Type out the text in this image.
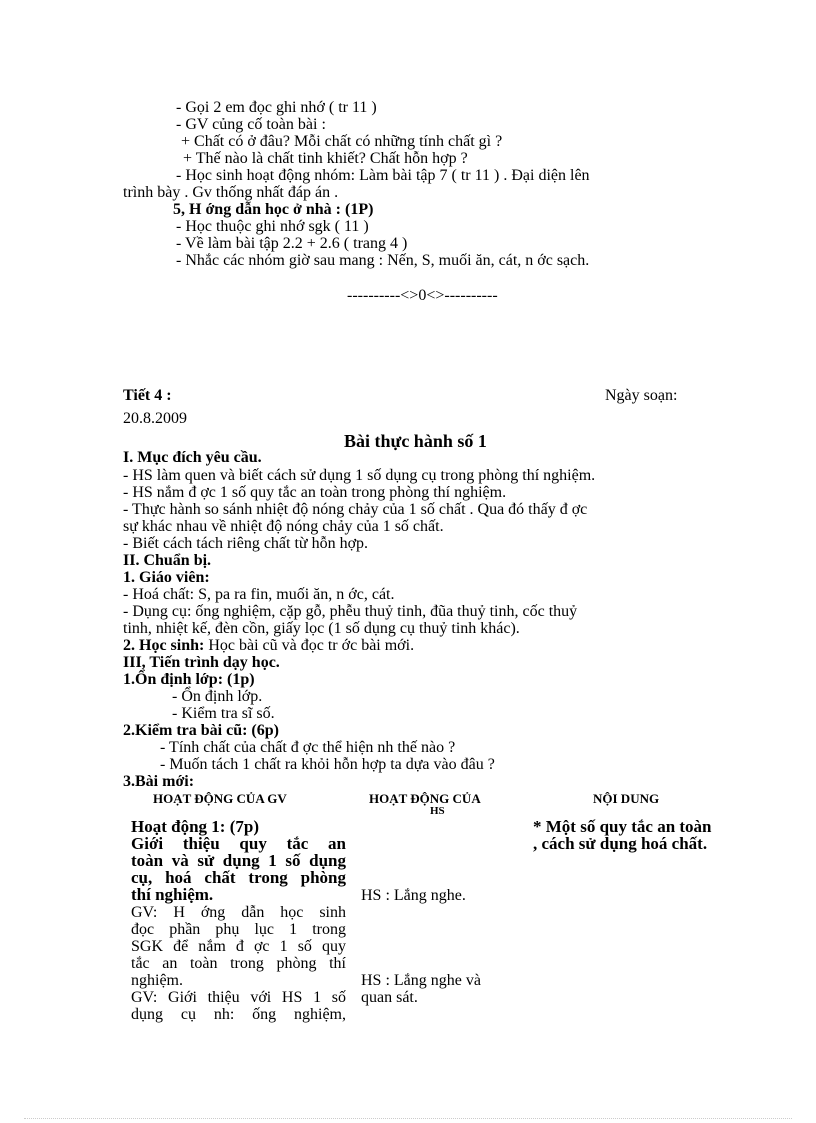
- Gọi 2 em đọc ghi nhớ ( tr 11 )
- GV củng cố toàn bài :
+ Chất có ở đâu? Mỗi chất có những tính chất gì ?
+ Thế nào là chất tinh khiết? Chất hỗn hợp ?
- Học sinh hoạt động nhóm: Làm bài tập 7 ( tr 11 ) . Đại diện lên
trình bày . Gv thống nhất đáp án .
5, H ớng dẫn học ở nhà : (1P)
- Học thuộc ghi nhớ sgk ( 11 )
- Về làm bài tập 2.2 + 2.6 ( trang 4 )
- Nhắc các nhóm giờ sau mang : Nến, S, muối ăn, cát, n ớc sạch.
----------<>0<>----------
Tiết 4 :	Ngày soạn:
20.8.2009
Bài thực hành số 1
I. Mục đích yêu cầu.
- HS làm quen và biết cách sử dụng 1 số dụng cụ trong phòng thí nghiệm.
- HS nắm đ ợc 1 số quy tắc an toàn trong phòng thí nghiệm.
- Thực hành so sánh nhiệt độ nóng chảy của 1 số chất . Qua đó thấy đ ợc
sự khác nhau về nhiệt độ nóng chảy của 1 số chất.
- Biết cách tách riêng chất từ hỗn hợp.
II. Chuẩn bị.
1. Giáo viên:
- Hoá chất: S, pa ra fin, muối ăn, n ớc, cát.
- Dụng cụ: ống nghiệm, cặp gỗ, phễu thuỷ tinh, đũa thuỷ tinh, cốc thuỷ
tinh, nhiệt kế, đèn cồn, giấy lọc (1 số dụng cụ thuỷ tinh khác).
2. Học sinh: Học bài cũ và đọc tr ớc bài mới.
III, Tiến trình dạy học.
1.Ổn định lớp: (1p)
- Ổn định lớp.
- Kiểm tra sĩ số.
2.Kiểm tra bài cũ: (6p)
- Tính chất của chất đ ợc thể hiện nh thế nào ?
- Muốn tách 1 chất ra khỏi hỗn hợp ta dựa vào đâu ?
3.Bài mới:
HOẠT ĐỘNG CỦA GV	HOẠT ĐỘNG CỦA
HS
NỘI DUNG
Hoạt động 1: (7p)
Giới thiệu quy tắc an
toàn và sử dụng 1 số dụng
cụ, hoá chất trong phòng
thí nghiệm.
GV: H ớng dẫn học sinh
đọc phần phụ lục 1 trong
SGK để nắm đ ợc 1 số quy
tắc an toàn trong phòng thí
nghiệm.
GV: Giới thiệu với HS 1 số
dụng cụ nh: ống nghiệm,
HS : Lắng nghe.
HS : Lắng nghe và
quan sát.
* Một số quy tắc an toàn
, cách sử dụng hoá chất.
